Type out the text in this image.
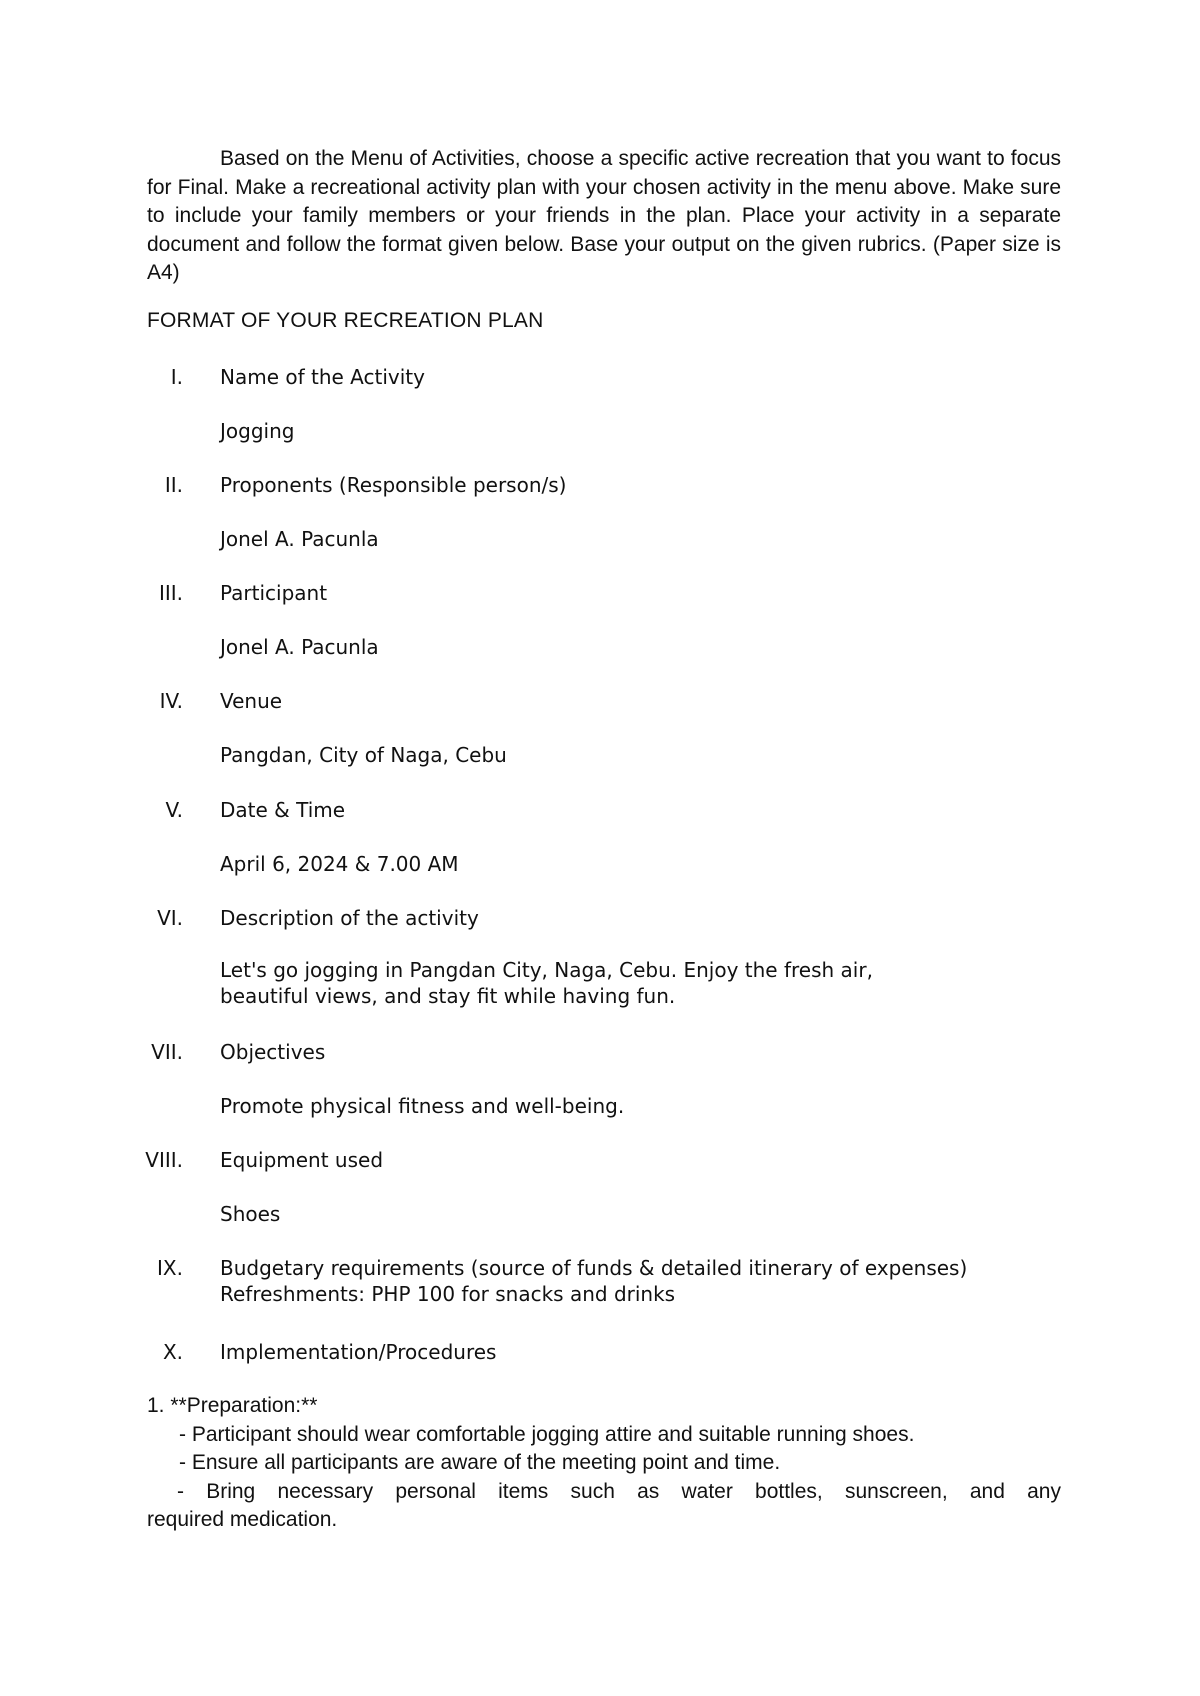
Based on the Menu of Activities, choose a specific active recreation that you want to focus for Final. Make a recreational activity plan with your chosen activity in the menu above. Make sure to include your family members or your friends in the plan. Place your activity in a separate document and follow the format given below. Base your output on the given rubrics. (Paper size is A4)

FORMAT OF YOUR RECREATION PLAN

I. Name of the Activity

Jogging

II. Proponents (Responsible person/s)

Jonel A. Pacunla

III. Participant

Jonel A. Pacunla

IV. Venue

Pangdan, City of Naga, Cebu

V. Date & Time

April 6, 2024 & 7.00 AM

VI. Description of the activity

Let's go jogging in Pangdan City, Naga, Cebu. Enjoy the fresh air,
beautiful views, and stay fit while having fun.

VII. Objectives

Promote physical fitness and well-being.

VIII. Equipment used

Shoes

IX. Budgetary requirements (source of funds & detailed itinerary of expenses)

Refreshments: PHP 100 for snacks and drinks

X. Implementation/Procedures
1. **Preparation:**
- Participant should wear comfortable jogging attire and suitable running shoes.
- Ensure all participants are aware of the meeting point and time.
- Bring necessary personal items such as water bottles, sunscreen, and any
required medication.
